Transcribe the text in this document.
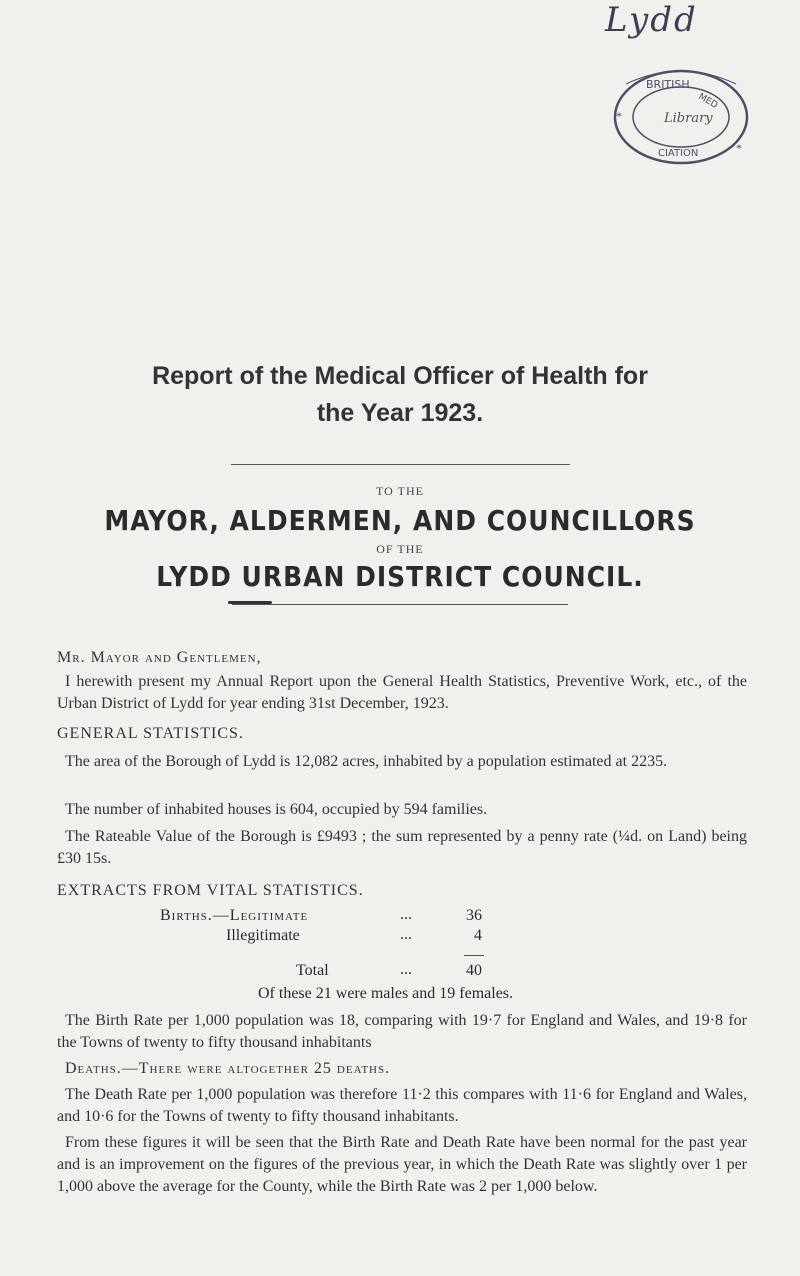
Lydd
BRITISH
MED
Library
CIATION
*
*
Report of the Medical Officer of Health for
the Year 1923.
TO THE
MAYOR, ALDERMEN, AND COUNCILLORS
OF THE
LYDD URBAN DISTRICT COUNCIL.
Mr. Mayor and Gentlemen,
I herewith present my Annual Report upon the General Health Statistics, Preventive Work, etc., of the Urban District of Lydd for year ending 31st December, 1923.
GENERAL STATISTICS.
The area of the Borough of Lydd is 12,082 acres, inhabited by a population estimated at 2235.
The number of inhabited houses is 604, occupied by 594 families.
The Rateable Value of the Borough is £9493 ; the sum represented by a penny rate (¼d. on Land) being £30 15s.
EXTRACTS FROM VITAL STATISTICS.
Births.—Legitimate	...	36
Illegitimate	...	4
Total	...	40
Of these 21 were males and 19 females.
The Birth Rate per 1,000 population was 18, comparing with 19·7 for England and Wales, and 19·8 for the Towns of twenty to fifty thousand inhabitants
Deaths.—There were altogether 25 deaths.
The Death Rate per 1,000 population was therefore 11·2 this compares with 11·6 for England and Wales, and 10·6 for the Towns of twenty to fifty thousand inhabitants.
From these figures it will be seen that the Birth Rate and Death Rate have been normal for the past year and is an improvement on the figures of the previous year, in which the Death Rate was slightly over 1 per 1,000 above the average for the County, while the Birth Rate was 2 per 1,000 below.
